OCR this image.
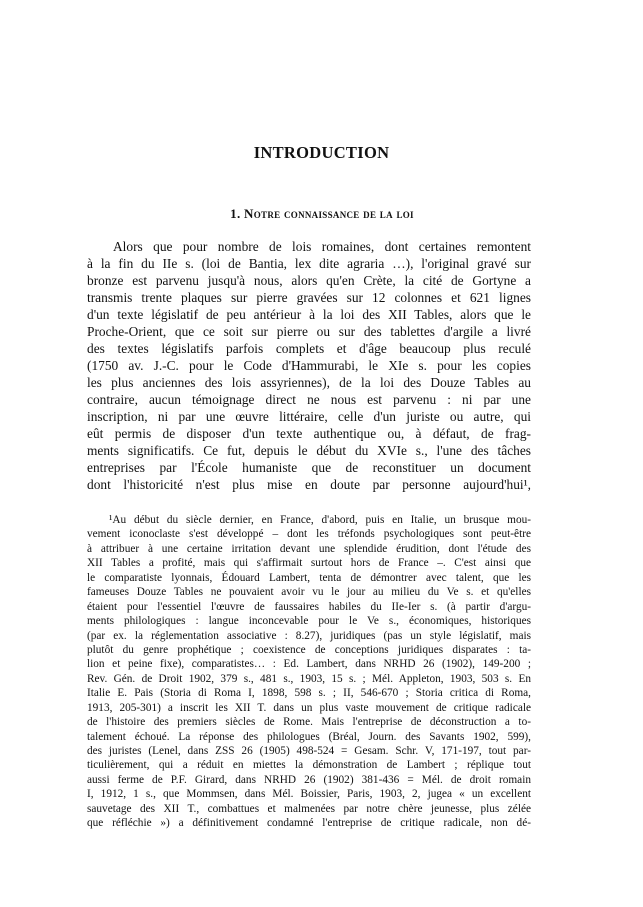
INTRODUCTION
1. Notre connaissance de la loi
Alors que pour nombre de lois romaines, dont certaines remontent
à la fin du IIe s. (loi de Bantia, lex dite agraria …), l'original gravé sur
bronze est parvenu jusqu'à nous, alors qu'en Crète, la cité de Gortyne a
transmis trente plaques sur pierre gravées sur 12 colonnes et 621 lignes
d'un texte législatif de peu antérieur à la loi des XII Tables, alors que le
Proche-Orient, que ce soit sur pierre ou sur des tablettes d'argile a livré
des textes législatifs parfois complets et d'âge beaucoup plus reculé
(1750 av. J.-C. pour le Code d'Hammurabi, le XIe s. pour les copies
les plus anciennes des lois assyriennes), de la loi des Douze Tables au
contraire, aucun témoignage direct ne nous est parvenu : ni par une
inscription, ni par une œuvre littéraire, celle d'un juriste ou autre, qui
eût permis de disposer d'un texte authentique ou, à défaut, de frag-
ments significatifs. Ce fut, depuis le début du XVIe s., l'une des tâches
entreprises par l'École humaniste que de reconstituer un document
dont l'historicité n'est plus mise en doute par personne aujourd'hui¹,
¹Au début du siècle dernier, en France, d'abord, puis en Italie, un brusque mou-
vement iconoclaste s'est développé – dont les tréfonds psychologiques sont peut-être
à attribuer à une certaine irritation devant une splendide érudition, dont l'étude des
XII Tables a profité, mais qui s'affirmait surtout hors de France –. C'est ainsi que
le comparatiste lyonnais, Édouard Lambert, tenta de démontrer avec talent, que les
fameuses Douze Tables ne pouvaient avoir vu le jour au milieu du Ve s. et qu'elles
étaient pour l'essentiel l'œuvre de faussaires habiles du IIe-Ier s. (à partir d'argu-
ments philologiques : langue inconcevable pour le Ve s., économiques, historiques
(par ex. la réglementation associative : 8.27), juridiques (pas un style législatif, mais
plutôt du genre prophétique ; coexistence de conceptions juridiques disparates : ta-
lion et peine fixe), comparatistes… : Ed. Lambert, dans NRHD 26 (1902), 149-200 ;
Rev. Gén. de Droit 1902, 379 s., 481 s., 1903, 15 s. ; Mél. Appleton, 1903, 503 s. En
Italie E. Pais (Storia di Roma I, 1898, 598 s. ; II, 546-670 ; Storia critica di Roma,
1913, 205-301) a inscrit les XII T. dans un plus vaste mouvement de critique radicale
de l'histoire des premiers siècles de Rome. Mais l'entreprise de déconstruction a to-
talement échoué. La réponse des philologues (Bréal, Journ. des Savants 1902, 599),
des juristes (Lenel, dans ZSS 26 (1905) 498-524 = Gesam. Schr. V, 171-197, tout par-
ticulièrement, qui a réduit en miettes la démonstration de Lambert ; réplique tout
aussi ferme de P.F. Girard, dans NRHD 26 (1902) 381-436 = Mél. de droit romain
I, 1912, 1 s., que Mommsen, dans Mél. Boissier, Paris, 1903, 2, jugea « un excellent
sauvetage des XII T., combattues et malmenées par notre chère jeunesse, plus zélée
que réfléchie ») a définitivement condamné l'entreprise de critique radicale, non dé-
